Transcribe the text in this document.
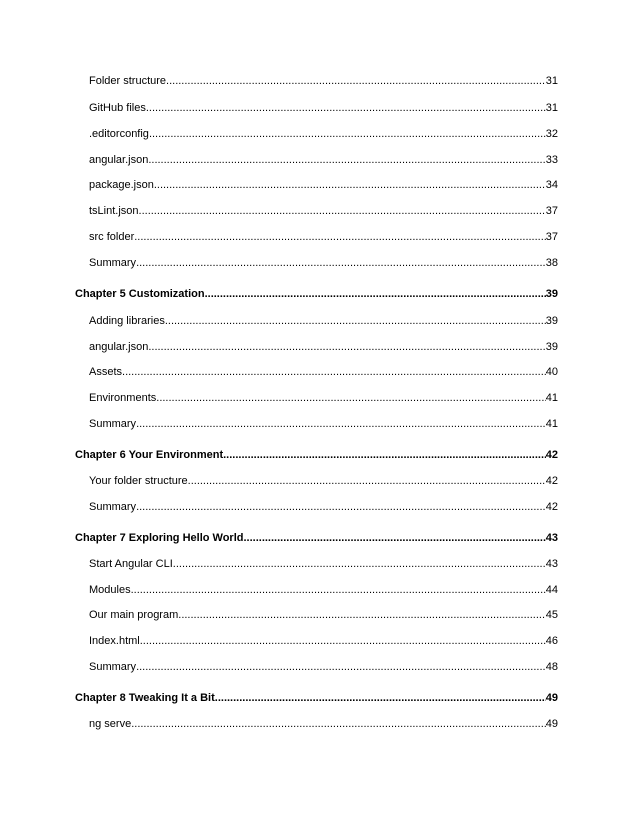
Folder structure .....	31
GitHub files .....	31
.editorconfig .....	32
angular.json .....	33
package.json .....	34
tsLint.json .....	37
src folder .....	37
Summary .....	38
Chapter 5 Customization .....	39
Adding libraries .....	39
angular.json .....	39
Assets .....	40
Environments .....	41
Summary .....	41
Chapter 6 Your Environment .....	42
Your folder structure .....	42
Summary .....	42
Chapter 7 Exploring Hello World .....	43
Start Angular CLI .....	43
Modules .....	44
Our main program .....	45
Index.html .....	46
Summary .....	48
Chapter 8 Tweaking It a Bit .....	49
ng serve .....	49
